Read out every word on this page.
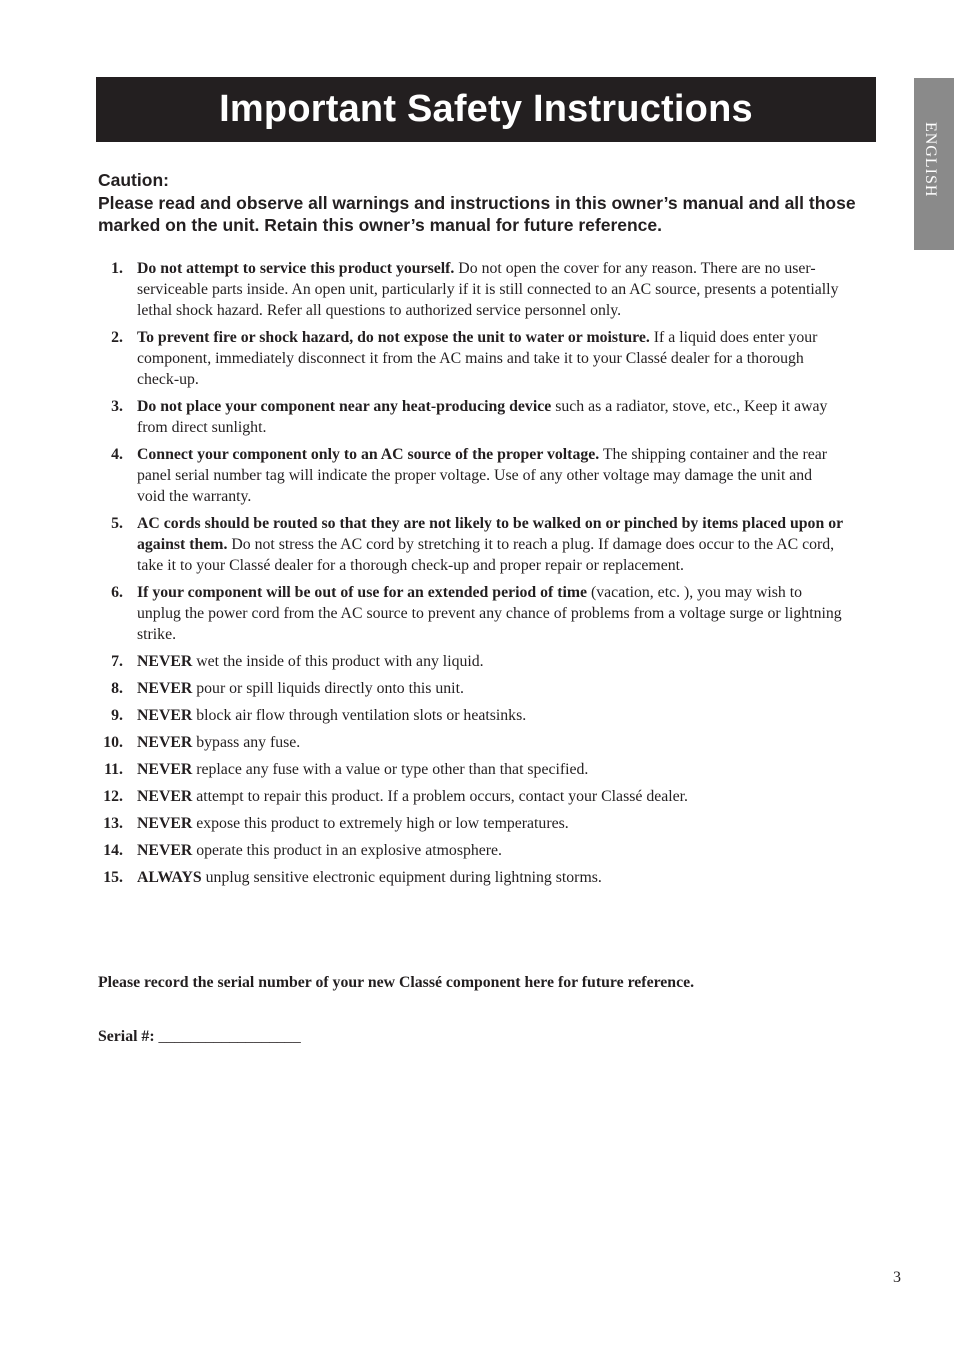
Important Safety Instructions
ENGLISH
Caution:
Please read and observe all warnings and instructions in this owner’s manual and all those marked on the unit. Retain this owner’s manual for future reference.
1. Do not attempt to service this product yourself. Do not open the cover for any reason. There are no user-serviceable parts inside. An open unit, particularly if it is still connected to an AC source, presents a potentially lethal shock hazard. Refer all questions to authorized service personnel only.
2. To prevent fire or shock hazard, do not expose the unit to water or moisture. If a liquid does enter your component, immediately disconnect it from the AC mains and take it to your Classé dealer for a thorough check-up.
3. Do not place your component near any heat-producing device such as a radiator, stove, etc., Keep it away from direct sunlight.
4. Connect your component only to an AC source of the proper voltage. The shipping container and the rear panel serial number tag will indicate the proper voltage. Use of any other voltage may damage the unit and void the warranty.
5. AC cords should be routed so that they are not likely to be walked on or pinched by items placed upon or against them. Do not stress the AC cord by stretching it to reach a plug. If damage does occur to the AC cord, take it to your Classé dealer for a thorough check-up and proper repair or replacement.
6. If your component will be out of use for an extended period of time (vacation, etc. ), you may wish to unplug the power cord from the AC source to prevent any chance of problems from a voltage surge or lightning strike.
7. NEVER wet the inside of this product with any liquid.
8. NEVER pour or spill liquids directly onto this unit.
9. NEVER block air flow through ventilation slots or heatsinks.
10. NEVER bypass any fuse.
11. NEVER replace any fuse with a value or type other than that specified.
12. NEVER attempt to repair this product. If a problem occurs, contact your Classé dealer.
13. NEVER expose this product to extremely high or low temperatures.
14. NEVER operate this product in an explosive atmosphere.
15. ALWAYS unplug sensitive electronic equipment during lightning storms.
Please record the serial number of your new Classé component here for future reference.
Serial #: __________________
3
